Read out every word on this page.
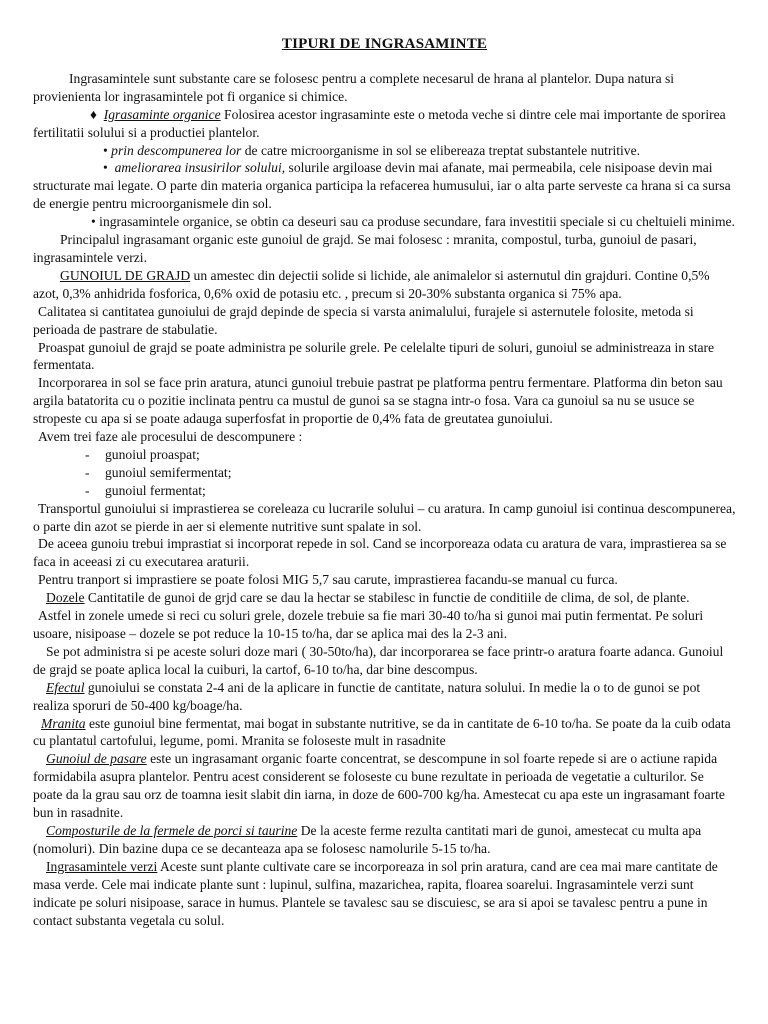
TIPURI DE INGRASAMINTE

Ingrasamintele sunt substante care se folosesc pentru a complete necesarul de hrana al plantelor. Dupa natura si provienienta lor ingrasamintele pot fi organice si chimice.

♦ Igrasaminte organice Folosirea acestor ingrasaminte este o metoda veche si dintre cele mai importante de sporirea fertilitatii solului si a productiei plantelor.

• prin descompunerea lor de catre microorganisme in sol se elibereaza treptat substantele nutritive.

• ameliorarea insusirilor solului, solurile argiloase devin mai afanate, mai permeabila, cele nisipoase devin mai structurate mai legate. O parte din materia organica participa la refacerea humusului, iar o alta parte serveste ca hrana si ca sursa de energie pentru microorganismele din sol.

• ingrasamintele organice, se obtin ca deseuri sau ca produse secundare, fara investitii speciale si cu cheltuieli minime.

Principalul ingrasamant organic este gunoiul de grajd. Se mai folosesc : mranita, compostul, turba, gunoiul de pasari, ingrasamintele verzi.

GUNOIUL DE GRAJD un amestec din dejectii solide si lichide, ale animalelor si asternutul din grajduri. Contine 0,5% azot, 0,3% anhidrida fosforica, 0,6% oxid de potasiu etc. , precum si 20-30% substanta organica si 75% apa.

Calitatea si cantitatea gunoiului de grajd depinde de specia si varsta animalului, furajele si asternutele folosite, metoda si perioada de pastrare de stabulatie.

Proaspat gunoiul de grajd se poate administra pe solurile grele. Pe celelalte tipuri de soluri, gunoiul se administreaza in stare fermentata.

Incorporarea in sol se face prin aratura, atunci gunoiul trebuie pastrat pe platforma pentru fermentare. Platforma din beton sau argila batatorita cu o pozitie inclinata pentru ca mustul de gunoi sa se stagna intr-o fosa. Vara ca gunoiul sa nu se usuce se stropeste cu apa si se poate adauga superfosfat in proportie de 0,4% fata de greutatea gunoiului.

Avem trei faze ale procesului de descompunere :

- gunoiul proaspat;
- gunoiul semifermentat;
- gunoiul fermentat;

Transportul gunoiului si imprastierea se coreleaza cu lucrarile solului – cu aratura. In camp gunoiul isi continua descompunerea, o parte din azot se pierde in aer si elemente nutritive sunt spalate in sol.

De aceea gunoiu trebui imprastiat si incorporat repede in sol. Cand se incorporeaza odata cu aratura de vara, imprastierea sa se faca in aceeasi zi cu executarea araturii.

Pentru tranport si imprastiere se poate folosi MIG 5,7 sau carute, imprastierea facandu-se manual cu furca.

Dozele Cantitatile de gunoi de grjd care se dau la hectar se stabilesc in functie de conditiile de clima, de sol, de plante.

Astfel in zonele umede si reci cu soluri grele, dozele trebuie sa fie mari 30-40 to/ha si gunoi mai putin fermentat. Pe soluri usoare, nisipoase – dozele se pot reduce la 10-15 to/ha, dar se aplica mai des la 2-3 ani.

Se pot administra si pe aceste soluri doze mari ( 30-50to/ha), dar incorporarea se face printr-o aratura foarte adanca. Gunoiul de grajd se poate aplica local la cuiburi, la cartof, 6-10 to/ha, dar bine descompus.

Efectul gunoiului se constata 2-4 ani de la aplicare in functie de cantitate, natura solului. In medie la o to de gunoi se pot realiza sporuri de 50-400 kg/boage/ha.

Mranita este gunoiul bine fermentat, mai bogat in substante nutritive, se da in cantitate de 6-10 to/ha. Se poate da la cuib odata cu plantatul cartofului, legume, pomi. Mranita se foloseste mult in rasadnite

Gunoiul de pasare este un ingrasamant organic foarte concentrat, se descompune in sol foarte repede si are o actiune rapida formidabila asupra plantelor. Pentru acest considerent se foloseste cu bune rezultate in perioada de vegetatie a culturilor. Se poate da la grau sau orz de toamna iesit slabit din iarna, in doze de 600-700 kg/ha. Amestecat cu apa este un ingrasamant foarte bun in rasadnite.

Composturile de la fermele de porci si taurine De la aceste ferme rezulta cantitati mari de gunoi, amestecat cu multa apa (nomoluri). Din bazine dupa ce se decanteaza apa se folosesc namolurile 5-15 to/ha.

Ingrasamintele verzi Aceste sunt plante cultivate care se incorporeaza in sol prin aratura, cand are cea mai mare cantitate de masa verde. Cele mai indicate plante sunt : lupinul, sulfina, mazarichea, rapita, floarea soarelui. Ingrasamintele verzi sunt indicate pe soluri nisipoase, sarace in humus. Plantele se tavalesc sau se discuiesc, se ara si apoi se tavalesc pentru a pune in contact substanta vegetala cu solul.
